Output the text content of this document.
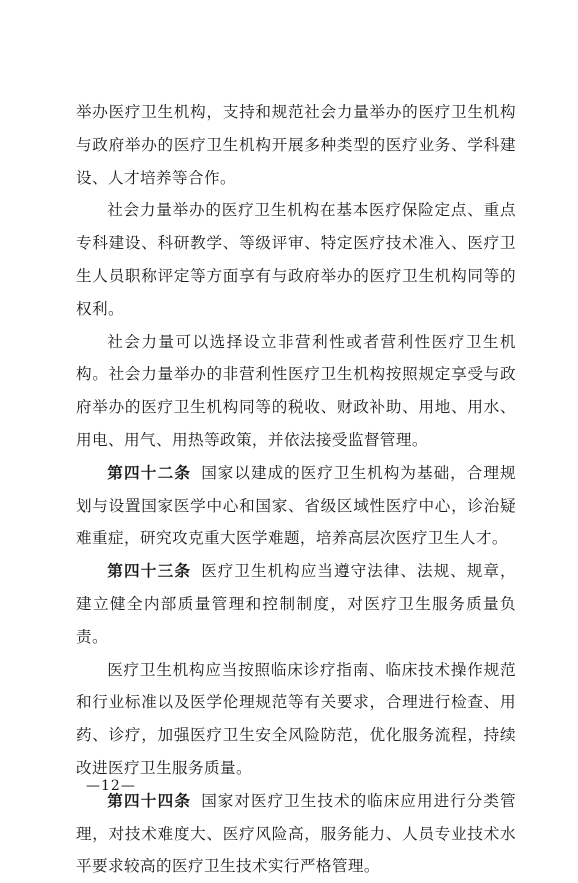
举办医疗卫生机构，支持和规范社会力量举办的医疗卫生机构与政府举办的医疗卫生机构开展多种类型的医疗业务、学科建设、人才培养等合作。

社会力量举办的医疗卫生机构在基本医疗保险定点、重点专科建设、科研教学、等级评审、特定医疗技术准入、医疗卫生人员职称评定等方面享有与政府举办的医疗卫生机构同等的权利。

社会力量可以选择设立非营利性或者营利性医疗卫生机构。社会力量举办的非营利性医疗卫生机构按照规定享受与政府举办的医疗卫生机构同等的税收、财政补助、用地、用水、用电、用气、用热等政策，并依法接受监督管理。

第四十二条 国家以建成的医疗卫生机构为基础，合理规划与设置国家医学中心和国家、省级区域性医疗中心，诊治疑难重症，研究攻克重大医学难题，培养高层次医疗卫生人才。

第四十三条 医疗卫生机构应当遵守法律、法规、规章，建立健全内部质量管理和控制制度，对医疗卫生服务质量负责。

医疗卫生机构应当按照临床诊疗指南、临床技术操作规范和行业标准以及医学伦理规范等有关要求，合理进行检查、用药、诊疗，加强医疗卫生安全风险防范，优化服务流程，持续改进医疗卫生服务质量。

第四十四条 国家对医疗卫生技术的临床应用进行分类管理，对技术难度大、医疗风险高，服务能力、人员专业技术水平要求较高的医疗卫生技术实行严格管理。

—12—
